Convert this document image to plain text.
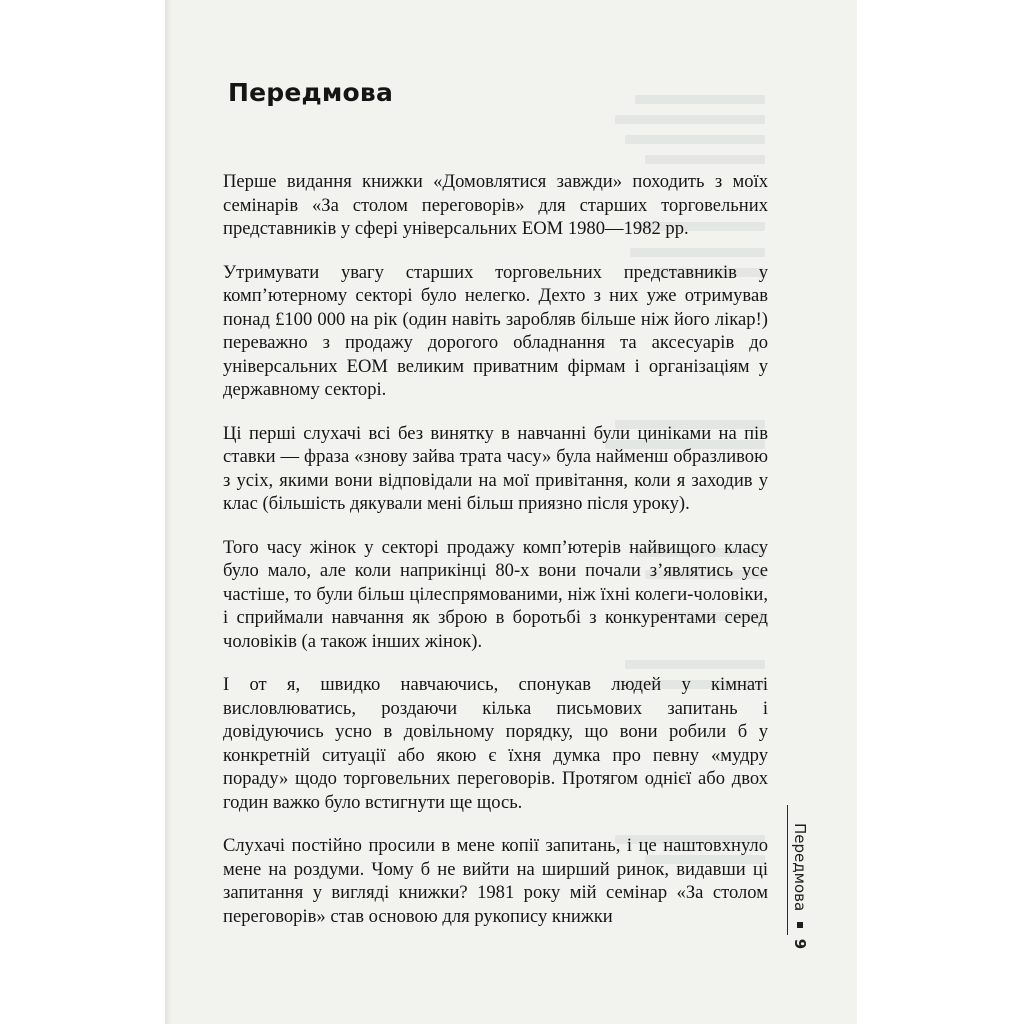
Передмова

Перше видання книжки «Домовлятися завжди» походить з моїх семінарів «За столом переговорів» для старших торговельних представників у сфері універсальних ЕОМ 1980—1982 рр.

Утримувати увагу старших торговельних представників у комп’ютерному секторі було нелегко. Дехто з них уже отримував понад £100 000 на рік (один навіть заробляв більше ніж його лікар!) переважно з продажу дорогого обладнання та аксесуарів до універсальних ЕОМ великим приватним фірмам і організаціям у державному секторі.

Ці перші слухачі всі без винятку в навчанні були циніками на пів ставки — фраза «знову зайва трата часу» була найменш образливою з усіх, якими вони відповідали на мої привітання, коли я заходив у клас (більшість дякували мені більш приязно після уроку).

Того часу жінок у секторі продажу комп’ютерів найвищого класу було мало, але коли наприкінці 80-х вони почали з’являтись усе частіше, то були більш цілеспрямованими, ніж їхні колеги-чоловіки, і сприймали навчання як зброю в боротьбі з конкурентами серед чоловіків (а також інших жінок).

І от я, швидко навчаючись, спонукав людей у кімнаті висловлюватись, роздаючи кілька письмових запитань і довідуючись усно в довільному порядку, що вони робили б у конкретній ситуації або якою є їхня думка про певну «мудру пораду» щодо торговельних переговорів. Протягом однієї або двох годин важко було встигнути ще щось.

Слухачі постійно просили в мене копії запитань, і це наштовхнуло мене на роздуми. Чому б не вийти на ширший ринок, видавши ці запитання у вигляді книжки? 1981 року мій семінар «За столом переговорів» став основою для рукопису книжки

Передмова  9
